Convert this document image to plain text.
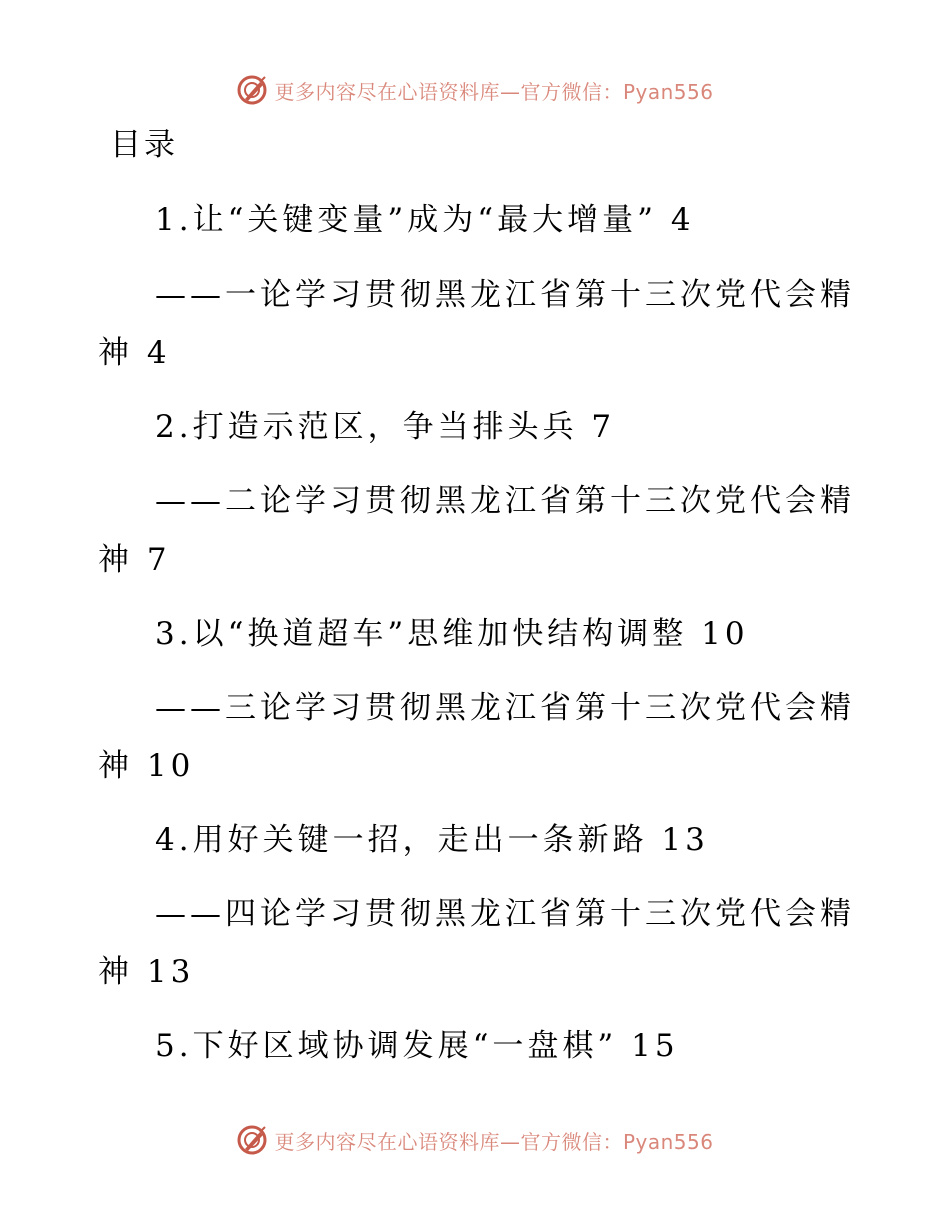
更多内容尽在心语资料库—官方微信：Pyan556
目录
1.让“关键变量”成为“最大增量” 4
——一论学习贯彻黑龙江省第十三次党代会精
神 4
2.打造示范区，争当排头兵 7
——二论学习贯彻黑龙江省第十三次党代会精
神 7
3.以“换道超车”思维加快结构调整 10
——三论学习贯彻黑龙江省第十三次党代会精
神 10
4.用好关键一招，走出一条新路 13
——四论学习贯彻黑龙江省第十三次党代会精
神 13
5.下好区域协调发展“一盘棋” 15
更多内容尽在心语资料库—官方微信：Pyan556
